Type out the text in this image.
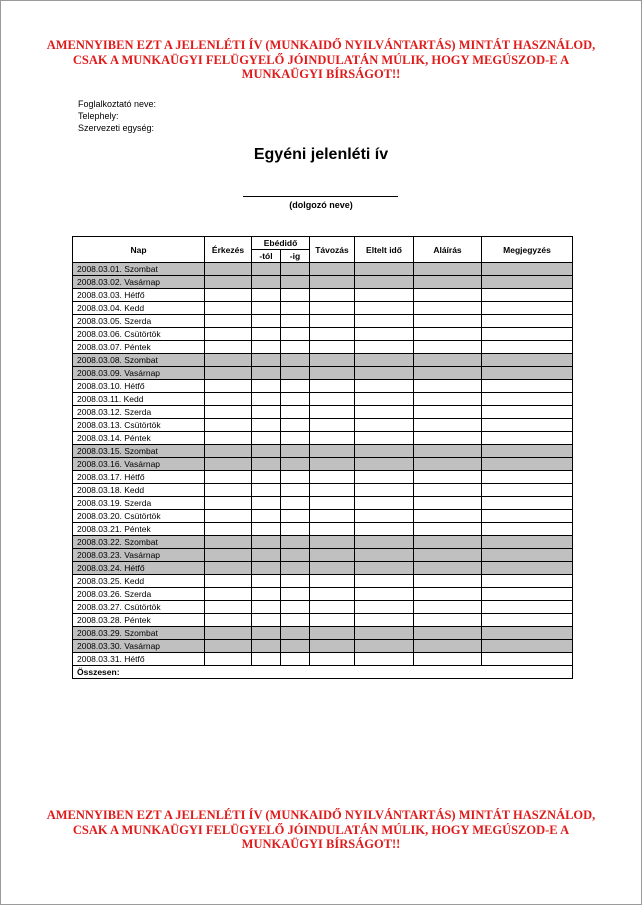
AMENNYIBEN EZT A JELENLÉTI ÍV (MUNKAIDŐ NYILVÁNTARTÁS) MINTÁT HASZNÁLOD, CSAK A MUNKAÜGYI FELÜGYELŐ JÓINDULATÁN MÚLIK, HOGY MEGÚSZOD-E A MUNKAÜGYI BÍRSÁGOT!!
Foglalkoztató neve:
Telephely:
Szervezeti egység:
Egyéni jelenléti ív
(dolgozó neve)
Nap	Érkezés	Ebédidő		Távozás	Eltelt idő	Aláírás	Megjegyzés
		-tól	-ig				
2008.03.01. Szombat							
2008.03.02. Vasárnap							
2008.03.03. Hétfő							
2008.03.04. Kedd							
2008.03.05. Szerda							
2008.03.06. Csütörtök							
2008.03.07. Péntek							
2008.03.08. Szombat							
2008.03.09. Vasárnap							
2008.03.10. Hétfő							
2008.03.11. Kedd							
2008.03.12. Szerda							
2008.03.13. Csütörtök							
2008.03.14. Péntek							
2008.03.15. Szombat							
2008.03.16. Vasárnap							
2008.03.17. Hétfő							
2008.03.18. Kedd							
2008.03.19. Szerda							
2008.03.20. Csütörtök							
2008.03.21. Péntek							
2008.03.22. Szombat							
2008.03.23. Vasárnap							
2008.03.24. Hétfő							
2008.03.25. Kedd							
2008.03.26. Szerda							
2008.03.27. Csütörtök							
2008.03.28. Péntek							
2008.03.29. Szombat							
2008.03.30. Vasárnap							
2008.03.31. Hétfő							
Összesen:							
AMENNYIBEN EZT A JELENLÉTI ÍV (MUNKAIDŐ NYILVÁNTARTÁS) MINTÁT HASZNÁLOD, CSAK A MUNKAÜGYI FELÜGYELŐ JÓINDULATÁN MÚLIK, HOGY MEGÚSZOD-E A MUNKAÜGYI BÍRSÁGOT!!
